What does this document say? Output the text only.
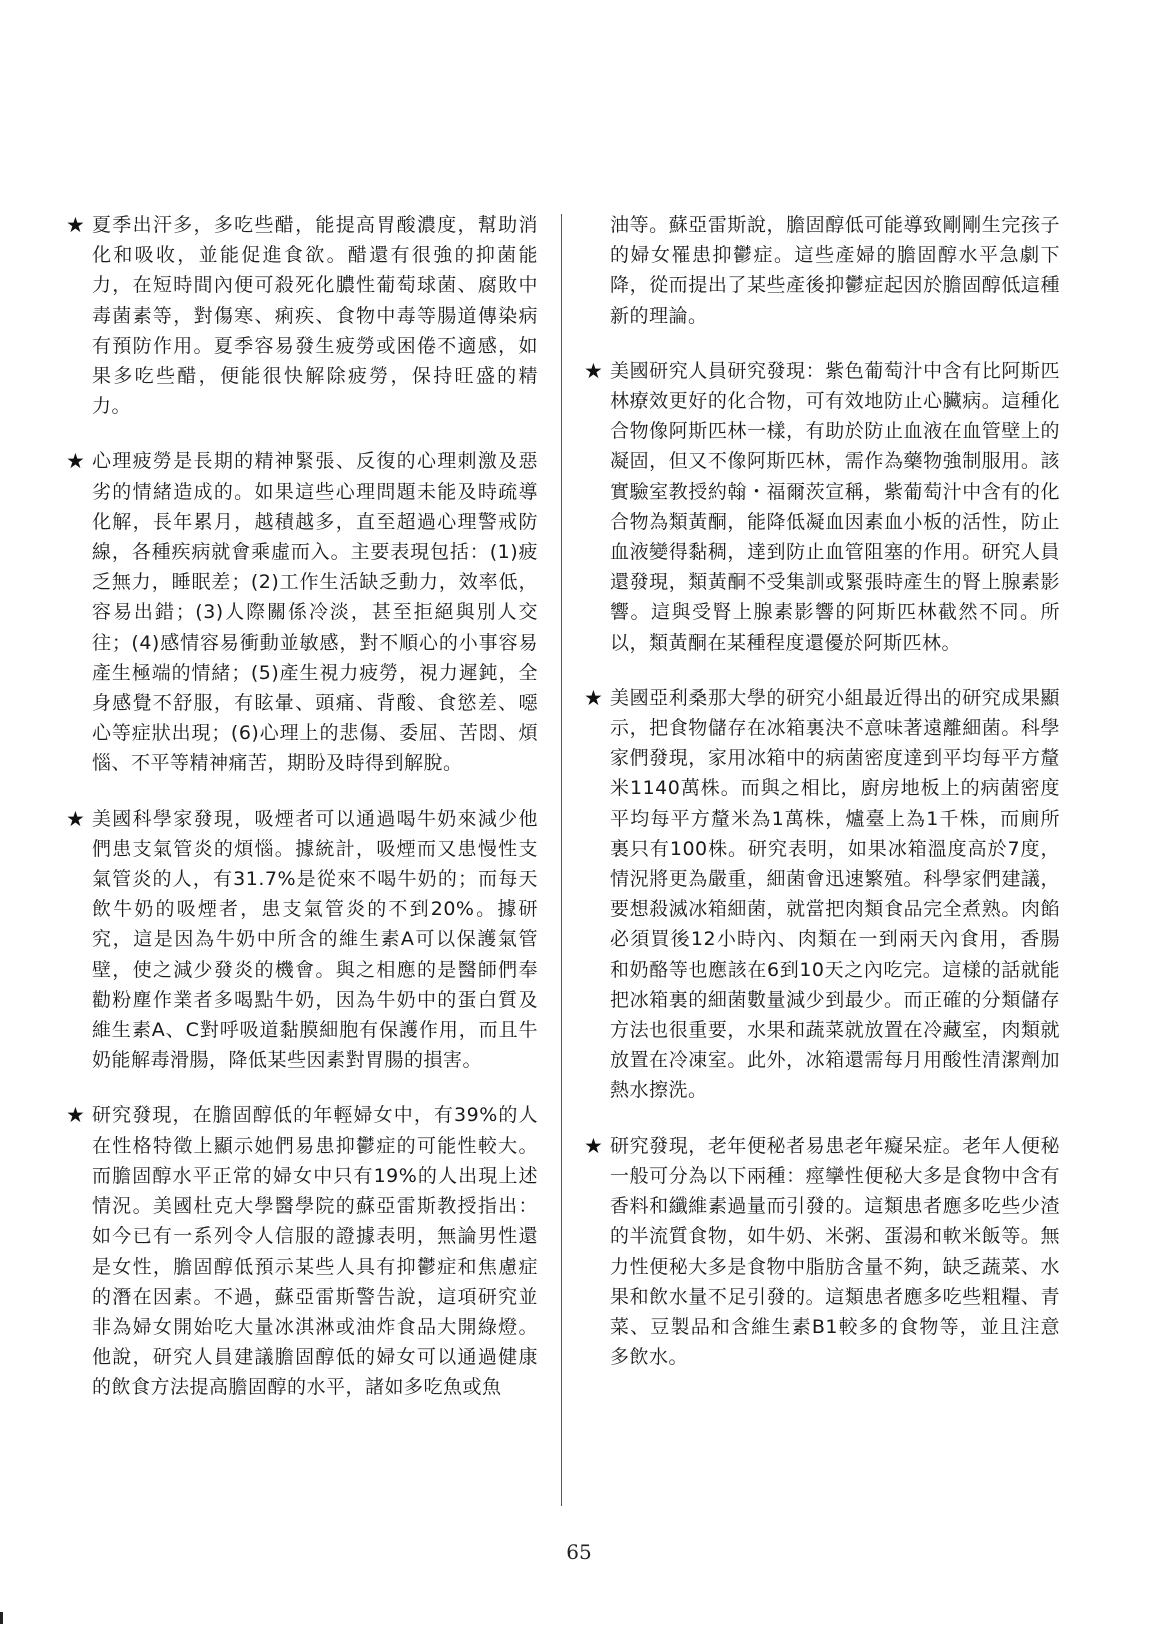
★ 夏季出汗多，多吃些醋，能提高胃酸濃度，幫助消化和吸收，並能促進食欲。醋還有很強的抑菌能力，在短時間內便可殺死化膿性葡萄球菌、腐敗中毒菌素等，對傷寒、痢疾、食物中毒等腸道傳染病有預防作用。夏季容易發生疲勞或困倦不適感，如果多吃些醋，便能很快解除疲勞，保持旺盛的精力。

★ 心理疲勞是長期的精神緊張、反復的心理刺激及惡劣的情緒造成的。如果這些心理問題未能及時疏導化解，長年累月，越積越多，直至超過心理警戒防線，各種疾病就會乘虛而入。主要表現包括：(1)疲乏無力，睡眠差；(2)工作生活缺乏動力，效率低，容易出錯；(3)人際關係冷淡，甚至拒絕與別人交往；(4)感情容易衝動並敏感，對不順心的小事容易產生極端的情緒；(5)產生視力疲勞，視力遲鈍，全身感覺不舒服，有眩暈、頭痛、背酸、食慾差、噁心等症狀出現；(6)心理上的悲傷、委屈、苦悶、煩惱、不平等精神痛苦，期盼及時得到解脫。

★ 美國科學家發現，吸煙者可以通過喝牛奶來減少他們患支氣管炎的煩惱。據統計，吸煙而又患慢性支氣管炎的人，有31.7%是從來不喝牛奶的；而每天飲牛奶的吸煙者，患支氣管炎的不到20%。據研究，這是因為牛奶中所含的維生素A可以保護氣管壁，使之減少發炎的機會。與之相應的是醫師們奉勸粉塵作業者多喝點牛奶，因為牛奶中的蛋白質及維生素A、C對呼吸道黏膜細胞有保護作用，而且牛奶能解毒滑腸，降低某些因素對胃腸的損害。

★ 研究發現，在膽固醇低的年輕婦女中，有39%的人在性格特徵上顯示她們易患抑鬱症的可能性較大。而膽固醇水平正常的婦女中只有19%的人出現上述情況。美國杜克大學醫學院的蘇亞雷斯教授指出：如今已有一系列令人信服的證據表明，無論男性還是女性，膽固醇低預示某些人具有抑鬱症和焦慮症的潛在因素。不過，蘇亞雷斯警告說，這項研究並非為婦女開始吃大量冰淇淋或油炸食品大開綠燈。他說，研究人員建議膽固醇低的婦女可以通過健康的飲食方法提高膽固醇的水平，諸如多吃魚或魚

油等。蘇亞雷斯說，膽固醇低可能導致剛剛生完孩子的婦女罹患抑鬱症。這些產婦的膽固醇水平急劇下降，從而提出了某些產後抑鬱症起因於膽固醇低這種新的理論。

★ 美國研究人員研究發現：紫色葡萄汁中含有比阿斯匹林療效更好的化合物，可有效地防止心臟病。這種化合物像阿斯匹林一樣，有助於防止血液在血管壁上的凝固，但又不像阿斯匹林，需作為藥物強制服用。該實驗室教授約翰・福爾茨宣稱，紫葡萄汁中含有的化合物為類黃酮，能降低凝血因素血小板的活性，防止血液變得黏稠，達到防止血管阻塞的作用。研究人員還發現，類黃酮不受集訓或緊張時產生的腎上腺素影響。這與受腎上腺素影響的阿斯匹林截然不同。所以，類黃酮在某種程度還優於阿斯匹林。

★ 美國亞利桑那大學的研究小組最近得出的研究成果顯示，把食物儲存在冰箱裏決不意味著遠離細菌。科學家們發現，家用冰箱中的病菌密度達到平均每平方釐米1140萬株。而與之相比，廚房地板上的病菌密度平均每平方釐米為1萬株，爐臺上為1千株，而廁所裏只有100株。研究表明，如果冰箱溫度高於7度，情況將更為嚴重，細菌會迅速繁殖。科學家們建議，要想殺滅冰箱細菌，就當把肉類食品完全煮熟。肉餡必須買後12小時內、肉類在一到兩天內食用，香腸和奶酪等也應該在6到10天之內吃完。這樣的話就能把冰箱裏的細菌數量減少到最少。而正確的分類儲存方法也很重要，水果和蔬菜就放置在冷藏室，肉類就放置在冷凍室。此外，冰箱還需每月用酸性清潔劑加熱水擦洗。

★ 研究發現，老年便秘者易患老年癡呆症。老年人便秘一般可分為以下兩種：痙攣性便秘大多是食物中含有香料和纖維素過量而引發的。這類患者應多吃些少渣的半流質食物，如牛奶、米粥、蛋湯和軟米飯等。無力性便秘大多是食物中脂肪含量不夠，缺乏蔬菜、水果和飲水量不足引發的。這類患者應多吃些粗糧、青菜、豆製品和含維生素B1較多的食物等，並且注意多飲水。

65
